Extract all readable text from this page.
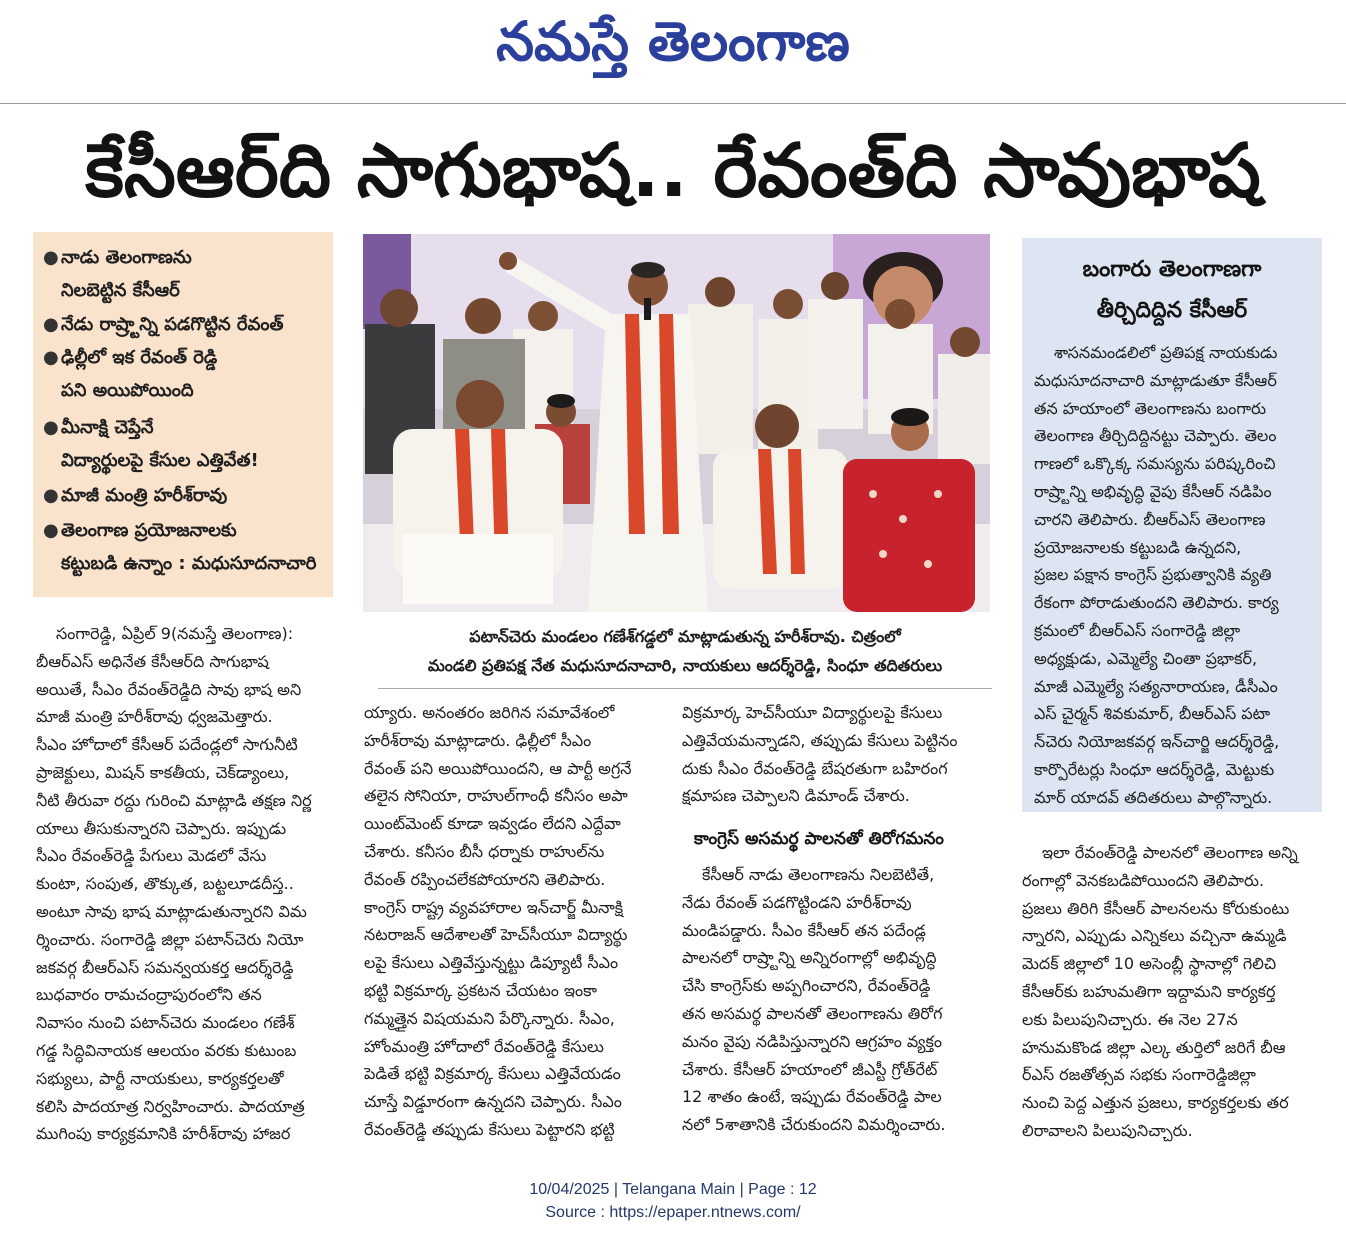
నమస్తే తెలంగాణ
కేసీఆర్‌ది సాగుభాష.. రేవంత్‌ది సావుభాష
● నాడు తెలంగాణను
నిలబెట్టిన కేసీఆర్
● నేడు రాష్ర్టాన్ని పడగొట్టిన రేవంత్
● ఢిల్లీలో ఇక రేవంత్ రెడ్డి
పని అయిపోయింది
● మీనాక్షి చెప్తేనే
విద్యార్థులపై కేసుల ఎత్తివేత!
● మాజీ మంత్రి హరీశ్‌రావు
● తెలంగాణ ప్రయోజనాలకు
కట్టుబడి ఉన్నాం : మధుసూదనాచారి
పటాన్‌చెరు మండలం గణేశ్‌గడ్డలో మాట్లాడుతున్న హరీశ్‌రావు. చిత్రంలో
మండలి ప్రతిపక్ష నేత మధుసూదనాచారి, నాయకులు ఆదర్శ్‌రెడ్డి, సింధూ తదితరులు
బంగారు తెలంగాణగా
తీర్చిదిద్దిన కేసీఆర్
శాసనమండలిలో ప్రతిపక్ష నాయకుడు
మధుసూదనాచారి మాట్లాడుతూ కేసీఆర్
తన హయాంలో తెలంగాణను బంగారు
తెలంగాణ తీర్చిదిద్దినట్టు చెప్పారు. తెలం
గాణలో ఒక్కొక్క సమస్యను పరిష్కరించి
రాష్ర్టాన్ని అభివృద్ధి వైపు కేసీఆర్ నడిపిం
చారని తెలిపారు. బీఆర్‌ఎస్ తెలంగాణ
ప్రయోజనాలకు కట్టుబడి ఉన్నదని,
ప్రజల పక్షాన కాంగ్రెస్ ప్రభుత్వానికి వ్యతి
రేకంగా పోరాడుతుందని తెలిపారు. కార్య
క్రమంలో బీఆర్‌ఎస్ సంగారెడ్డి జిల్లా
అధ్యక్షుడు, ఎమ్మెల్యే చింతా ప్రభాకర్,
మాజీ ఎమ్మెల్యే సత్యనారాయణ, డీసీఎం
ఎస్ చైర్మన్ శివకుమార్, బీఆర్‌ఎస్ పటా
న్‌చెరు నియోజకవర్గ ఇన్‌చార్జి ఆదర్శ్‌రెడ్డి,
కార్పొరేటర్లు సింధూ ఆదర్శ్‌రెడ్డి, మెట్టుకు
మార్ యాదవ్ తదితరులు పాల్గొన్నారు.
సంగారెడ్డి, ఏప్రిల్ 9(నమస్తే తెలంగాణ):
బీఆర్‌ఎస్ అధినేత కేసీఆర్‌ది సాగుభాష
అయితే, సీఎం రేవంత్‌రెడ్డిది సావు భాష అని
మాజీ మంత్రి హరీశ్‌రావు ధ్వజమెత్తారు.
సీఎం హోదాలో కేసీఆర్ పదేండ్లలో సాగునీటి
ప్రాజెక్టులు, మిషన్ కాకతీయ, చెక్‌డ్యాంలు,
నీటి తీరువా రద్దు గురించి మాట్లాడి తక్షణ నిర్ణ
యాలు తీసుకున్నారని చెప్పారు. ఇప్పుడు
సీఎం రేవంత్‌రెడ్డి పేగులు మెడలో వేసు
కుంటా, సంపుత, తొక్కుత, బట్టలూడదీస్త..
అంటూ సావు భాష మాట్లాడుతున్నారని విమ
ర్శించారు. సంగారెడ్డి జిల్లా పటాన్‌చెరు నియో
జకవర్గ బీఆర్‌ఎస్ సమన్వయకర్త ఆదర్శ్‌రెడ్డి
బుధవారం రామచంద్రాపురంలోని తన
నివాసం నుంచి పటాన్‌చెరు మండలం గణేశ్
గడ్డ సిద్ధివినాయక ఆలయం వరకు కుటుంబ
సభ్యులు, పార్టీ నాయకులు, కార్యకర్తలతో
కలిసి పాదయాత్ర నిర్వహించారు. పాదయాత్ర
ముగింపు కార్యక్రమానికి హరీశ్‌రావు హాజర
య్యారు. అనంతరం జరిగిన సమావేశంలో
హరీశ్‌రావు మాట్లాడారు. ఢిల్లీలో సీఎం
రేవంత్ పని అయిపోయిందని, ఆ పార్టీ అగ్రనే
తలైన సోనియా, రాహుల్‌గాంధీ కనీసం అపా
యింట్‌మెంట్ కూడా ఇవ్వడం లేదని ఎద్దేవా
చేశారు. కనీసం బీసీ ధర్నాకు రాహుల్‌ను
రేవంత్ రప్పించలేకపోయారని తెలిపారు.
కాంగ్రెస్ రాష్ట్ర వ్యవహారాల ఇన్‌చార్జ్ మీనాక్షి
నటరాజన్ ఆదేశాలతో హెచ్‌సీయూ విద్యార్థు
లపై కేసులు ఎత్తివేస్తున్నట్టు డిప్యూటీ సీఎం
భట్టి విక్రమార్క ప్రకటన చేయటం ఇంకా
గమ్మత్తైన విషయమని పేర్కొన్నారు. సీఎం,
హోంమంత్రి హోదాలో రేవంత్‌రెడ్డి కేసులు
పెడితే భట్టి విక్రమార్క కేసులు ఎత్తివేయడం
చూస్తే విడ్డూరంగా ఉన్నదని చెప్పారు. సీఎం
రేవంత్‌రెడ్డి తప్పుడు కేసులు పెట్టారని భట్టి
విక్రమార్క హెచ్‌సీయూ విద్యార్థులపై కేసులు
ఎత్తివేయమన్నాడని, తప్పుడు కేసులు పెట్టినం
దుకు సీఎం రేవంత్‌రెడ్డి బేషరతుగా బహిరంగ
క్షమాపణ చెప్పాలని డిమాండ్ చేశారు.
కాంగ్రెస్ అసమర్థ పాలనతో తిరోగమనం
కేసీఆర్ నాడు తెలంగాణను నిలబెటితే,
నేడు రేవంత్ పడగొట్టిండని హరీశ్‌రావు
మండిపడ్డారు. సీఎం కేసీఆర్ తన పదేండ్ల
పాలనలో రాష్ర్టాన్ని అన్నిరంగాల్లో అభివృద్ధి
చేసి కాంగ్రెస్‌కు అప్పగించారని, రేవంత్‌రెడ్డి
తన అసమర్థ పాలనతో తెలంగాణను తిరోగ
మనం వైపు నడిపిస్తున్నారని ఆగ్రహం వ్యక్తం
చేశారు. కేసీఆర్ హయాంలో జీఎస్టీ గ్రోత్‌రేట్
12 శాతం ఉంటే, ఇప్పుడు రేవంత్‌రెడ్డి పాల
నలో 5శాతానికి చేరుకుందని విమర్శించారు.
ఇలా రేవంత్‌రెడ్డి పాలనలో తెలంగాణ అన్ని
రంగాల్లో వెనకబడిపోయిందని తెలిపారు.
ప్రజలు తిరిగి కేసీఆర్ పాలనలను కోరుకుంటు
న్నారని, ఎప్పుడు ఎన్నికలు వచ్చినా ఉమ్మడి
మెదక్ జిల్లాలో 10 అసెంబ్లీ స్థానాల్లో గెలిచి
కేసీఆర్‌కు బహుమతిగా ఇద్దామని కార్యకర్త
లకు పిలుపునిచ్చారు. ఈ నెల 27న
హనుమకొండ జిల్లా ఎల్క తుర్తిలో జరిగే బీఆ
ర్‌ఎస్ రజతోత్సవ సభకు సంగారెడ్డిజిల్లా
నుంచి పెద్ద ఎత్తున ప్రజలు, కార్యకర్తలకు తర
లిరావాలని పిలుపునిచ్చారు.
10/04/2025 | Telangana Main | Page : 12
Source : https://epaper.ntnews.com/
